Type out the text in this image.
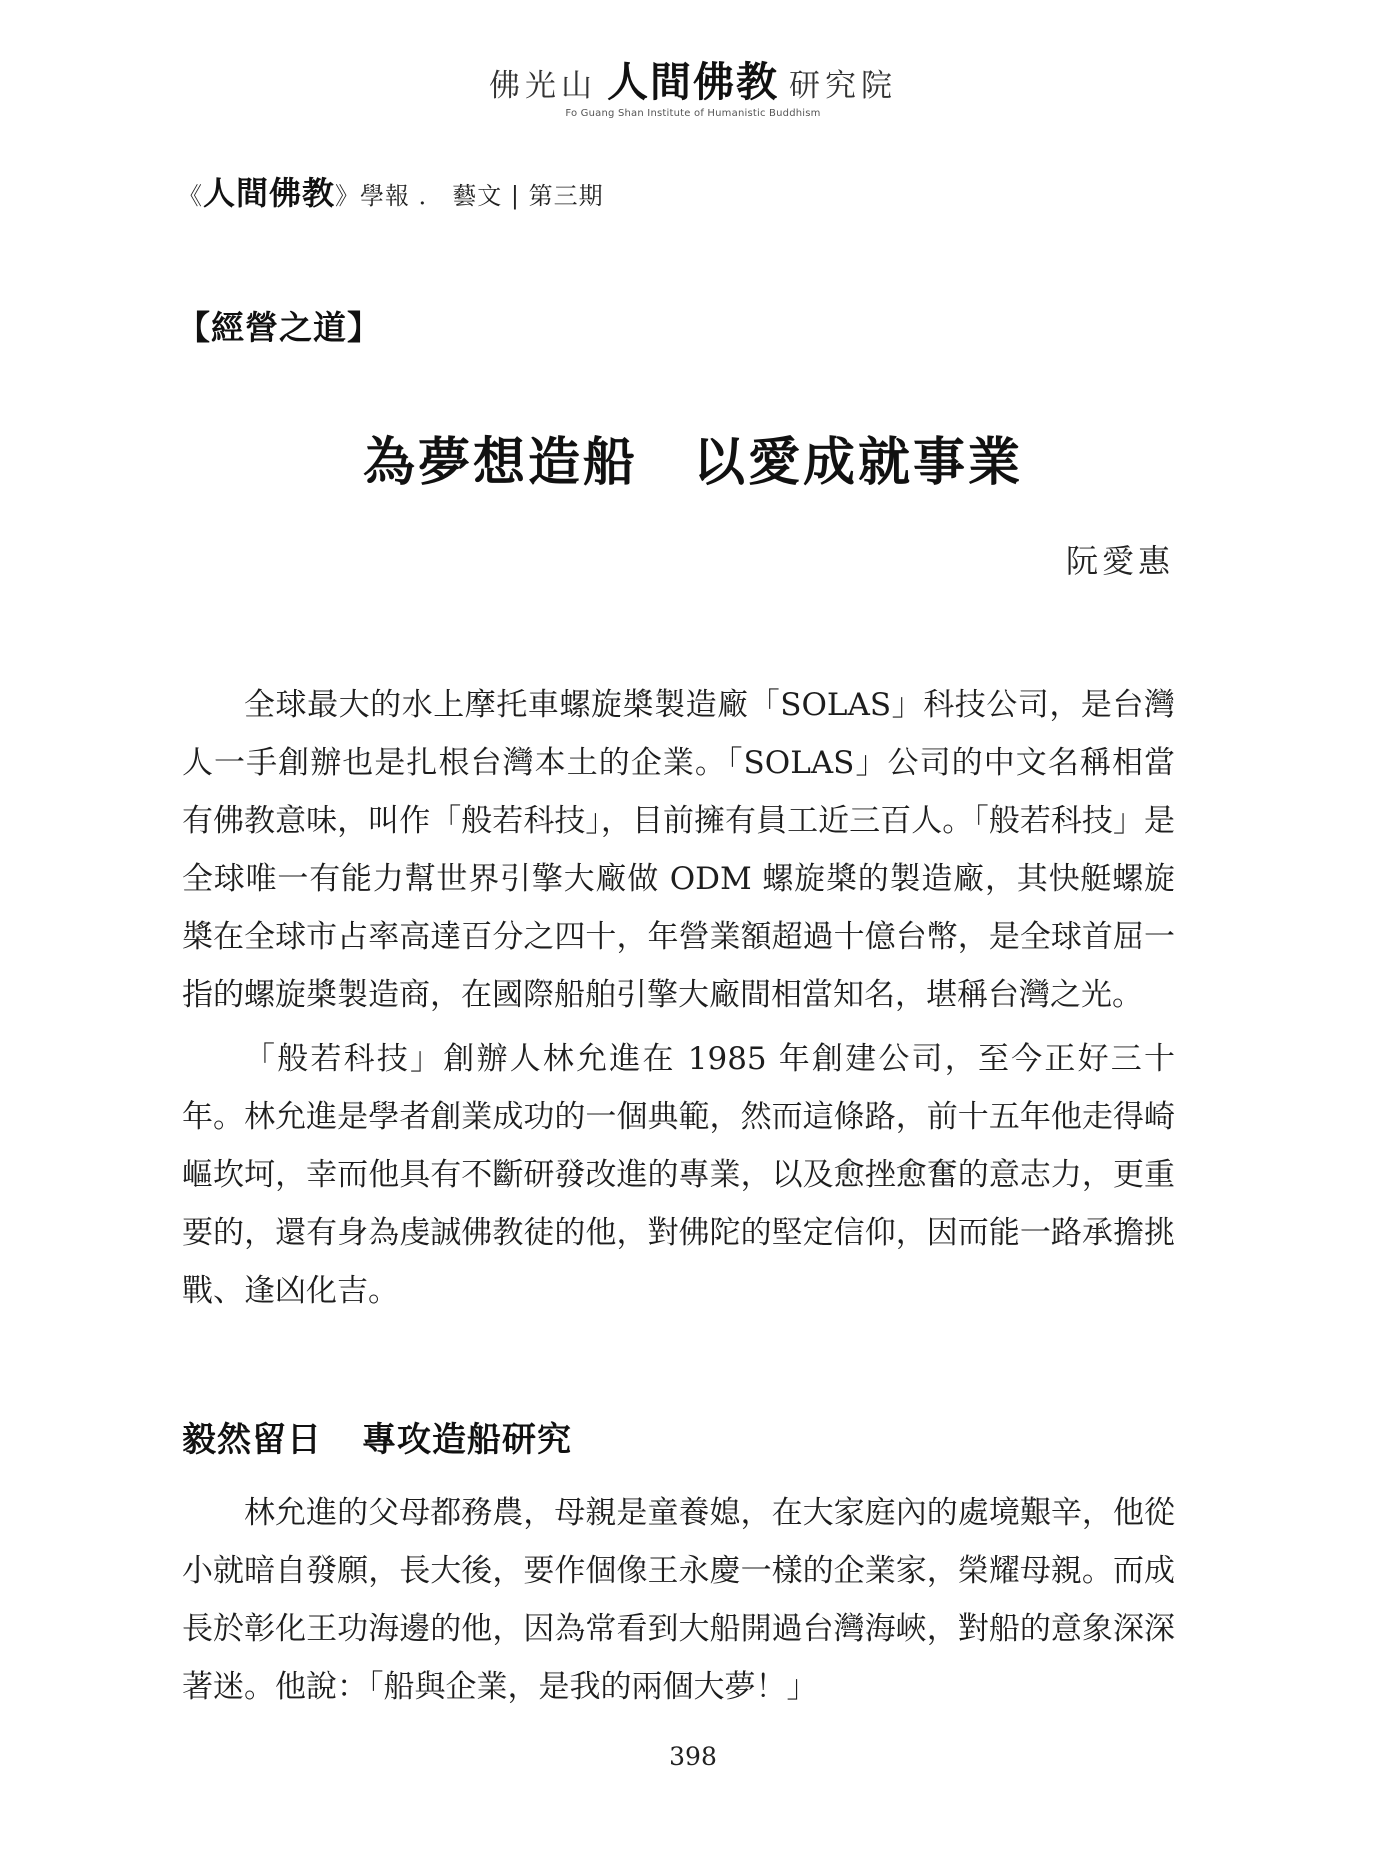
佛光山 人間佛教 研究院
Fo Guang Shan Institute of Humanistic Buddhism
《人間佛教》學報 ． 藝文 | 第三期
【經營之道】
為夢想造船　以愛成就事業
阮愛惠

全球最大的水上摩托車螺旋槳製造廠「SOLAS」科技公司，是台灣人一手創辦也是扎根台灣本土的企業。「SOLAS」公司的中文名稱相當有佛教意味，叫作「般若科技」，目前擁有員工近三百人。「般若科技」是全球唯一有能力幫世界引擎大廠做 ODM 螺旋槳的製造廠，其快艇螺旋槳在全球市占率高達百分之四十，年營業額超過十億台幣，是全球首屈一指的螺旋槳製造商，在國際船舶引擎大廠間相當知名，堪稱台灣之光。

「般若科技」創辦人林允進在 1985 年創建公司，至今正好三十年。林允進是學者創業成功的一個典範，然而這條路，前十五年他走得崎嶇坎坷，幸而他具有不斷研發改進的專業，以及愈挫愈奮的意志力，更重要的，還有身為虔誠佛教徒的他，對佛陀的堅定信仰，因而能一路承擔挑戰、逢凶化吉。

毅然留日 專攻造船研究

林允進的父母都務農，母親是童養媳，在大家庭內的處境艱辛，他從小就暗自發願，長大後，要作個像王永慶一樣的企業家，榮耀母親。而成長於彰化王功海邊的他，因為常看到大船開過台灣海峽，對船的意象深深著迷。他說：「船與企業，是我的兩個大夢！」

398
